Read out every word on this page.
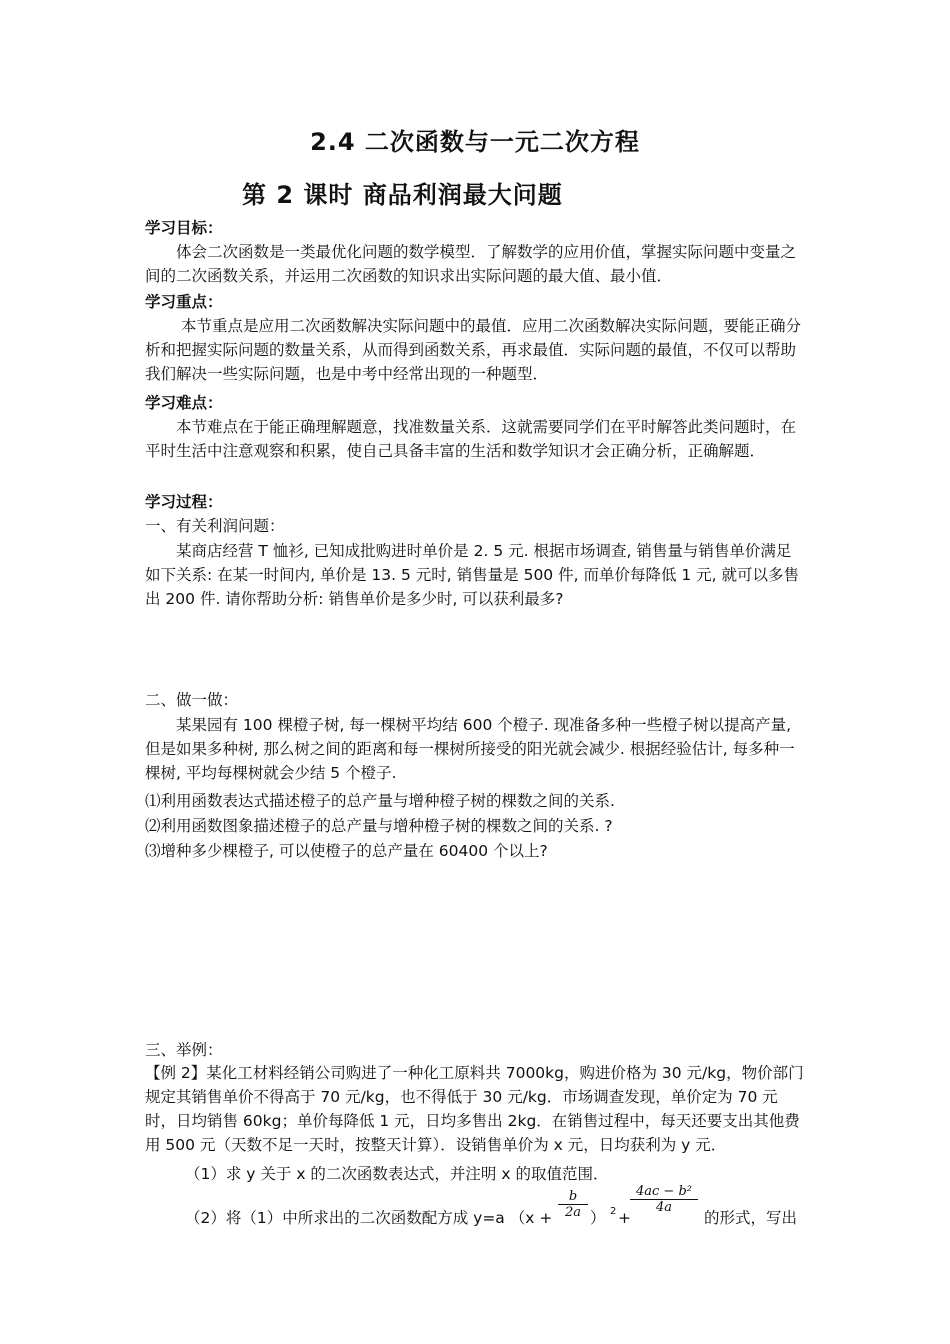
2.4 二次函数与一元二次方程
第 2 课时 商品利润最大问题
学习目标：
体会二次函数是一类最优化问题的数学模型．了解数学的应用价值，掌握实际问题中变量之间的二次函数关系，并运用二次函数的知识求出实际问题的最大值、最小值．
学习重点：
本节重点是应用二次函数解决实际问题中的最值．应用二次函数解决实际问题，要能正确分析和把握实际问题的数量关系，从而得到函数关系，再求最值．实际问题的最值，不仅可以帮助我们解决一些实际问题，也是中考中经常出现的一种题型．
学习难点：
本节难点在于能正确理解题意，找准数量关系．这就需要同学们在平时解答此类问题时，在平时生活中注意观察和积累，使自己具备丰富的生活和数学知识才会正确分析，正确解题．
学习过程：
一、有关利润问题：
某商店经营 T 恤衫, 已知成批购进时单价是 2. 5 元. 根据市场调查, 销售量与销售单价满足如下关系: 在某一时间内, 单价是 13. 5 元时, 销售量是 500 件, 而单价每降低 1 元, 就可以多售出 200 件. 请你帮助分析: 销售单价是多少时, 可以获利最多?
二、做一做：
某果园有 100 棵橙子树, 每一棵树平均结 600 个橙子. 现准备多种一些橙子树以提高产量, 但是如果多种树, 那么树之间的距离和每一棵树所接受的阳光就会减少. 根据经验估计, 每多种一棵树, 平均每棵树就会少结 5 个橙子.
⑴利用函数表达式描述橙子的总产量与增种橙子树的棵数之间的关系.
⑵利用函数图象描述橙子的总产量与增种橙子树的棵数之间的关系. ?
⑶增种多少棵橙子, 可以使橙子的总产量在 60400 个以上?
三、举例：
【例 2】某化工材料经销公司购进了一种化工原料共 7000kg，购进价格为 30 元/kg，物价部门规定其销售单价不得高于 70 元/kg，也不得低于 30 元/kg．市场调查发现，单价定为 70 元时，日均销售 60kg；单价每降低 1 元，日均多售出 2kg．在销售过程中，每天还要支出其他费用 500 元（天数不足一天时，按整天计算）．设销售单价为 x 元，日均获利为 y 元．
（1）求 y 关于 x 的二次函数表达式，并注明 x 的取值范围．
（2）将（1）中所求出的二次函数配方成 y=a （x +
b
2a ） 2 +
4ac − b²
4a
的形式，写出
